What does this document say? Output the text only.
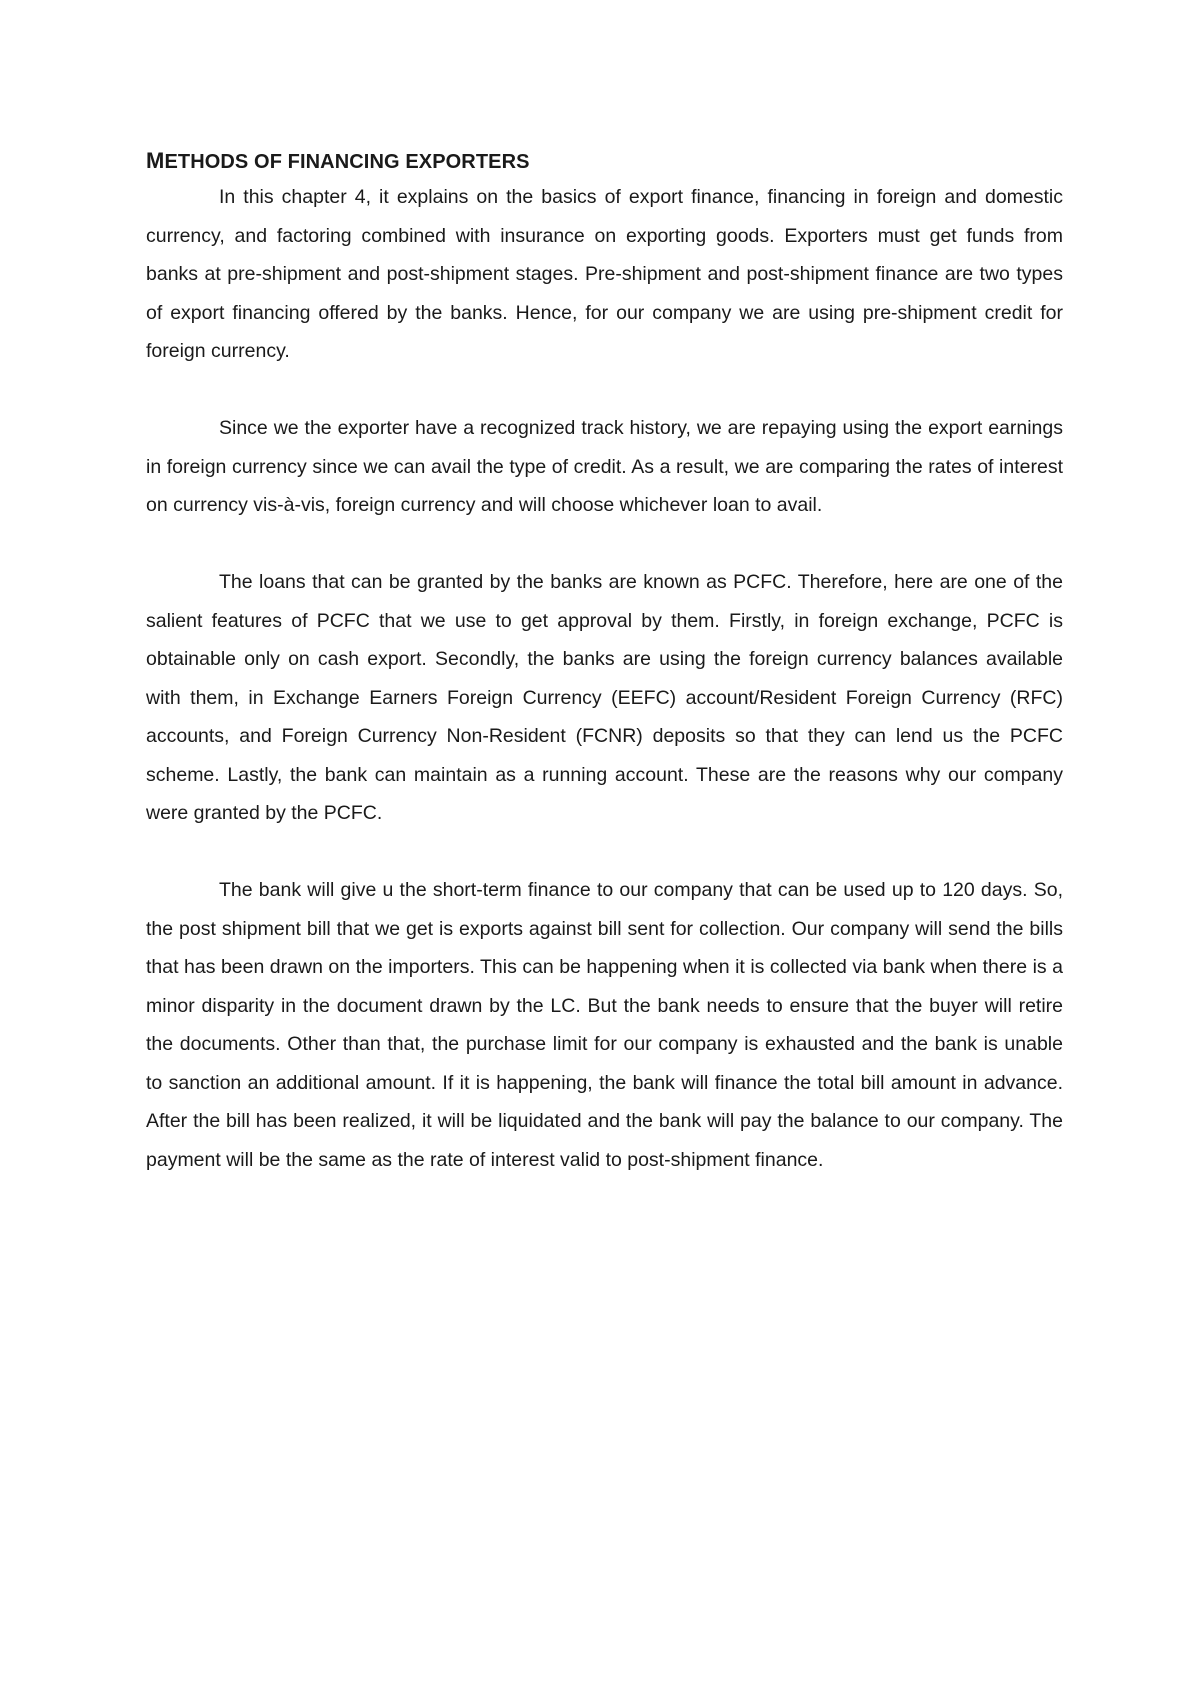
METHODS OF FINANCING EXPORTERS

In this chapter 4, it explains on the basics of export finance, financing in foreign and domestic currency, and factoring combined with insurance on exporting goods. Exporters must get funds from banks at pre-shipment and post-shipment stages. Pre-shipment and post-shipment finance are two types of export financing offered by the banks. Hence, for our company we are using pre-shipment credit for foreign currency.

Since we the exporter have a recognized track history, we are repaying using the export earnings in foreign currency since we can avail the type of credit. As a result, we are comparing the rates of interest on currency vis-à-vis, foreign currency and will choose whichever loan to avail.

The loans that can be granted by the banks are known as PCFC. Therefore, here are one of the salient features of PCFC that we use to get approval by them. Firstly, in foreign exchange, PCFC is obtainable only on cash export. Secondly, the banks are using the foreign currency balances available with them, in Exchange Earners Foreign Currency (EEFC) account/Resident Foreign Currency (RFC) accounts, and Foreign Currency Non-Resident (FCNR) deposits so that they can lend us the PCFC scheme. Lastly, the bank can maintain as a running account. These are the reasons why our company were granted by the PCFC.

The bank will give u the short-term finance to our company that can be used up to 120 days. So, the post shipment bill that we get is exports against bill sent for collection. Our company will send the bills that has been drawn on the importers. This can be happening when it is collected via bank when there is a minor disparity in the document drawn by the LC. But the bank needs to ensure that the buyer will retire the documents. Other than that, the purchase limit for our company is exhausted and the bank is unable to sanction an additional amount. If it is happening, the bank will finance the total bill amount in advance. After the bill has been realized, it will be liquidated and the bank will pay the balance to our company. The payment will be the same as the rate of interest valid to post-shipment finance.
